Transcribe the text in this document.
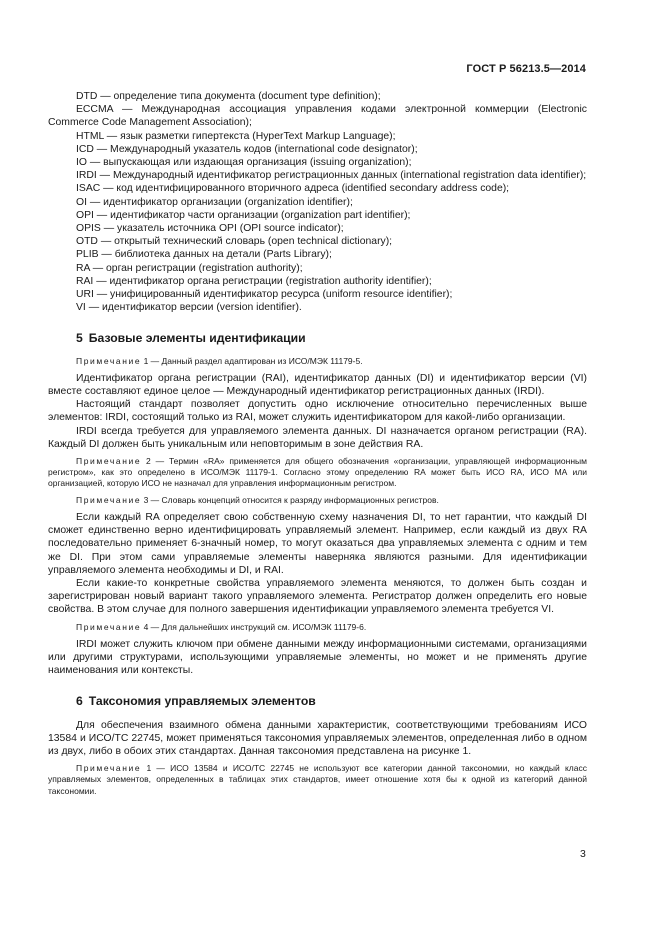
ГОСТ Р 56213.5—2014

DTD — определение типа документа (document type definition);

ECCMA — Международная ассоциация управления кодами электронной коммерции (Electronic Commerce Code Management Association);

HTML — язык разметки гипертекста (HyperText Markup Language);

ICD — Международный указатель кодов (international code designator);

IO — выпускающая или издающая организация (issuing organization);

IRDI — Международный идентификатор регистрационных данных (international registration data identifier);

ISAC — код идентифицированного вторичного адреса (identified secondary address code);

OI — идентификатор организации (organization identifier);

OPI — идентификатор части организации (organization part identifier);

OPIS — указатель источника OPI (OPI source indicator);

OTD — открытый технический словарь (open technical dictionary);

PLIB — библиотека данных на детали (Parts Library);

RA — орган регистрации (registration authority);

RAI — идентификатор органа регистрации (registration authority identifier);

URI — унифицированный идентификатор ресурса (uniform resource identifier);

VI — идентификатор версии (version identifier).

5 Базовые элементы идентификации

Примечание 1 — Данный раздел адаптирован из ИСО/МЭК 11179-5.

Идентификатор органа регистрации (RAI), идентификатор данных (DI) и идентификатор версии (VI) вместе составляют единое целое — Международный идентификатор регистрационных данных (IRDI).

Настоящий стандарт позволяет допустить одно исключение относительно перечисленных выше элементов: IRDI, состоящий только из RAI, может служить идентификатором для какой-либо организации.

IRDI всегда требуется для управляемого элемента данных. DI назначается органом регистрации (RA). Каждый DI должен быть уникальным или неповторимым в зоне действия RA.

Примечание 2 — Термин «RA» применяется для общего обозначения «организации, управляющей информационным регистром», как это определено в ИСО/МЭК 11179-1. Согласно этому определению RA может быть ИСО RA, ИСО MA или организацией, которую ИСО не назначал для управления информационным регистром.

Примечание 3 — Словарь концепций относится к разряду информационных регистров.

Если каждый RA определяет свою собственную схему назначения DI, то нет гарантии, что каждый DI сможет единственно верно идентифицировать управляемый элемент. Например, если каждый из двух RA последовательно применяет 6-значный номер, то могут оказаться два управляемых элемента с одним и тем же DI. При этом сами управляемые элементы наверняка являются разными. Для идентификации управляемого элемента необходимы и DI, и RAI.

Если какие-то конкретные свойства управляемого элемента меняются, то должен быть создан и зарегистрирован новый вариант такого управляемого элемента. Регистратор должен определить его новые свойства. В этом случае для полного завершения идентификации управляемого элемента требуется VI.

Примечание 4 — Для дальнейших инструкций см. ИСО/МЭК 11179-6.

IRDI может служить ключом при обмене данными между информационными системами, организациями или другими структурами, использующими управляемые элементы, но может и не применять другие наименования или контексты.

6 Таксономия управляемых элементов

Для обеспечения взаимного обмена данными характеристик, соответствующими требованиям ИСО 13584 и ИСО/ТС 22745, может применяться таксономия управляемых элементов, определенная либо в одном из двух, либо в обоих этих стандартах. Данная таксономия представлена на рисунке 1.

Примечание 1 — ИСО 13584 и ИСО/ТС 22745 не используют все категории данной таксономии, но каждый класс управляемых элементов, определенных в таблицах этих стандартов, имеет отношение хотя бы к одной из категорий данной таксономии.

3
